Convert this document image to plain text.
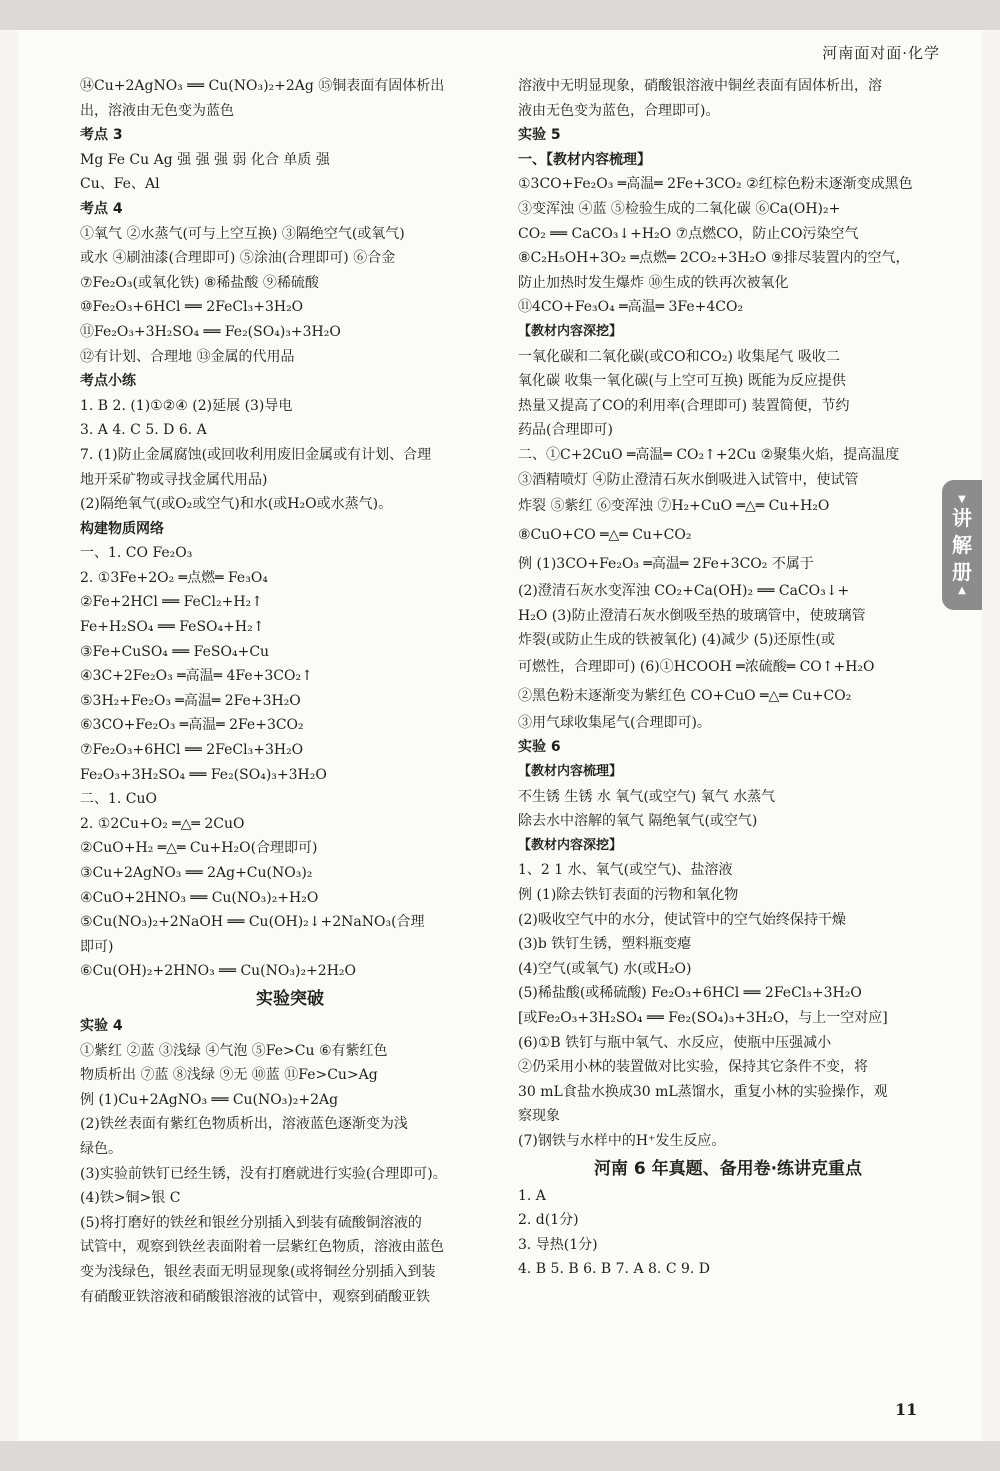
河南面对面·化学
▼
讲
解
册
▲
⑭Cu+2AgNO₃ ══ Cu(NO₃)₂+2Ag ⑮铜表面有固体析出
出，溶液由无色变为蓝色
考点 3
Mg Fe Cu Ag 强 强 强 弱 化合 单质 强
Cu、Fe、Al
考点 4
①氧气 ②水蒸气(可与上空互换) ③隔绝空气(或氧气)
或水 ④刷油漆(合理即可) ⑤涂油(合理即可) ⑥合金
⑦Fe₂O₃(或氧化铁) ⑧稀盐酸 ⑨稀硫酸
⑩Fe₂O₃+6HCl ══ 2FeCl₃+3H₂O
⑪Fe₂O₃+3H₂SO₄ ══ Fe₂(SO₄)₃+3H₂O
⑫有计划、合理地 ⑬金属的代用品
考点小练
1. B 2. (1)①②④ (2)延展 (3)导电
3. A 4. C 5. D 6. A
7. (1)防止金属腐蚀(或回收利用废旧金属或有计划、合理
地开采矿物或寻找金属代用品)
(2)隔绝氧气(或O₂或空气)和水(或H₂O或水蒸气)。
构建物质网络
一、1. CO Fe₂O₃
2. ①3Fe+2O₂ ═点燃═ Fe₃O₄
②Fe+2HCl ══ FeCl₂+H₂↑
Fe+H₂SO₄ ══ FeSO₄+H₂↑
③Fe+CuSO₄ ══ FeSO₄+Cu
④3C+2Fe₂O₃ ═高温═ 4Fe+3CO₂↑
⑤3H₂+Fe₂O₃ ═高温═ 2Fe+3H₂O
⑥3CO+Fe₂O₃ ═高温═ 2Fe+3CO₂
⑦Fe₂O₃+6HCl ══ 2FeCl₃+3H₂O
Fe₂O₃+3H₂SO₄ ══ Fe₂(SO₄)₃+3H₂O
二、1. CuO
2. ①2Cu+O₂ ═△═ 2CuO
②CuO+H₂ ═△═ Cu+H₂O(合理即可)
③Cu+2AgNO₃ ══ 2Ag+Cu(NO₃)₂
④CuO+2HNO₃ ══ Cu(NO₃)₂+H₂O
⑤Cu(NO₃)₂+2NaOH ══ Cu(OH)₂↓+2NaNO₃(合理
即可)
⑥Cu(OH)₂+2HNO₃ ══ Cu(NO₃)₂+2H₂O
实验突破
实验 4
①紫红 ②蓝 ③浅绿 ④气泡 ⑤Fe>Cu ⑥有紫红色
物质析出 ⑦蓝 ⑧浅绿 ⑨无 ⑩蓝 ⑪Fe>Cu>Ag
例 (1)Cu+2AgNO₃ ══ Cu(NO₃)₂+2Ag
(2)铁丝表面有紫红色物质析出，溶液蓝色逐渐变为浅
绿色。
(3)实验前铁钉已经生锈，没有打磨就进行实验(合理即可)。
(4)铁>铜>银 C
(5)将打磨好的铁丝和银丝分别插入到装有硫酸铜溶液的
试管中，观察到铁丝表面附着一层紫红色物质，溶液由蓝色
变为浅绿色，银丝表面无明显现象(或将铜丝分别插入到装
有硝酸亚铁溶液和硝酸银溶液的试管中，观察到硝酸亚铁
溶液中无明显现象，硝酸银溶液中铜丝表面有固体析出，溶
液由无色变为蓝色，合理即可)。
实验 5
一、【教材内容梳理】
①3CO+Fe₂O₃ ═高温═ 2Fe+3CO₂ ②红棕色粉末逐渐变成黑色
③变浑浊 ④蓝 ⑤检验生成的二氧化碳 ⑥Ca(OH)₂+
CO₂ ══ CaCO₃↓+H₂O ⑦点燃CO，防止CO污染空气
⑧C₂H₅OH+3O₂ ═点燃═ 2CO₂+3H₂O ⑨排尽装置内的空气，
防止加热时发生爆炸 ⑩生成的铁再次被氧化
⑪4CO+Fe₃O₄ ═高温═ 3Fe+4CO₂
【教材内容深挖】
一氧化碳和二氧化碳(或CO和CO₂) 收集尾气 吸收二
氧化碳 收集一氧化碳(与上空可互换) 既能为反应提供
热量又提高了CO的利用率(合理即可) 装置简便，节约
药品(合理即可)
二、①C+2CuO ═高温═ CO₂↑+2Cu ②聚集火焰，提高温度
③酒精喷灯 ④防止澄清石灰水倒吸进入试管中，使试管
炸裂 ⑤紫红 ⑥变浑浊 ⑦H₂+CuO ═△═ Cu+H₂O
⑧CuO+CO ═△═ Cu+CO₂
例 (1)3CO+Fe₂O₃ ═高温═ 2Fe+3CO₂ 不属于
(2)澄清石灰水变浑浊 CO₂+Ca(OH)₂ ══ CaCO₃↓+
H₂O (3)防止澄清石灰水倒吸至热的玻璃管中，使玻璃管
炸裂(或防止生成的铁被氧化) (4)减少 (5)还原性(或
可燃性，合理即可) (6)①HCOOH ═浓硫酸═ CO↑+H₂O
②黑色粉末逐渐变为紫红色 CO+CuO ═△═ Cu+CO₂
③用气球收集尾气(合理即可)。
实验 6
【教材内容梳理】
不生锈 生锈 水 氧气(或空气) 氧气 水蒸气
除去水中溶解的氧气 隔绝氧气(或空气)
【教材内容深挖】
1、2 1 水、氧气(或空气)、盐溶液
例 (1)除去铁钉表面的污物和氧化物
(2)吸收空气中的水分，使试管中的空气始终保持干燥
(3)b 铁钉生锈，塑料瓶变瘪
(4)空气(或氧气) 水(或H₂O)
(5)稀盐酸(或稀硫酸) Fe₂O₃+6HCl ══ 2FeCl₃+3H₂O
[或Fe₂O₃+3H₂SO₄ ══ Fe₂(SO₄)₃+3H₂O，与上一空对应]
(6)①B 铁钉与瓶中氧气、水反应，使瓶中压强减小
②仍采用小林的装置做对比实验，保持其它条件不变，将
30 mL食盐水换成30 mL蒸馏水，重复小林的实验操作，观
察现象
(7)钢铁与水样中的H⁺发生反应。
河南 6 年真题、备用卷·练讲克重点
1. A
2. d(1分)
3. 导热(1分)
4. B 5. B 6. B 7. A 8. C 9. D
11
